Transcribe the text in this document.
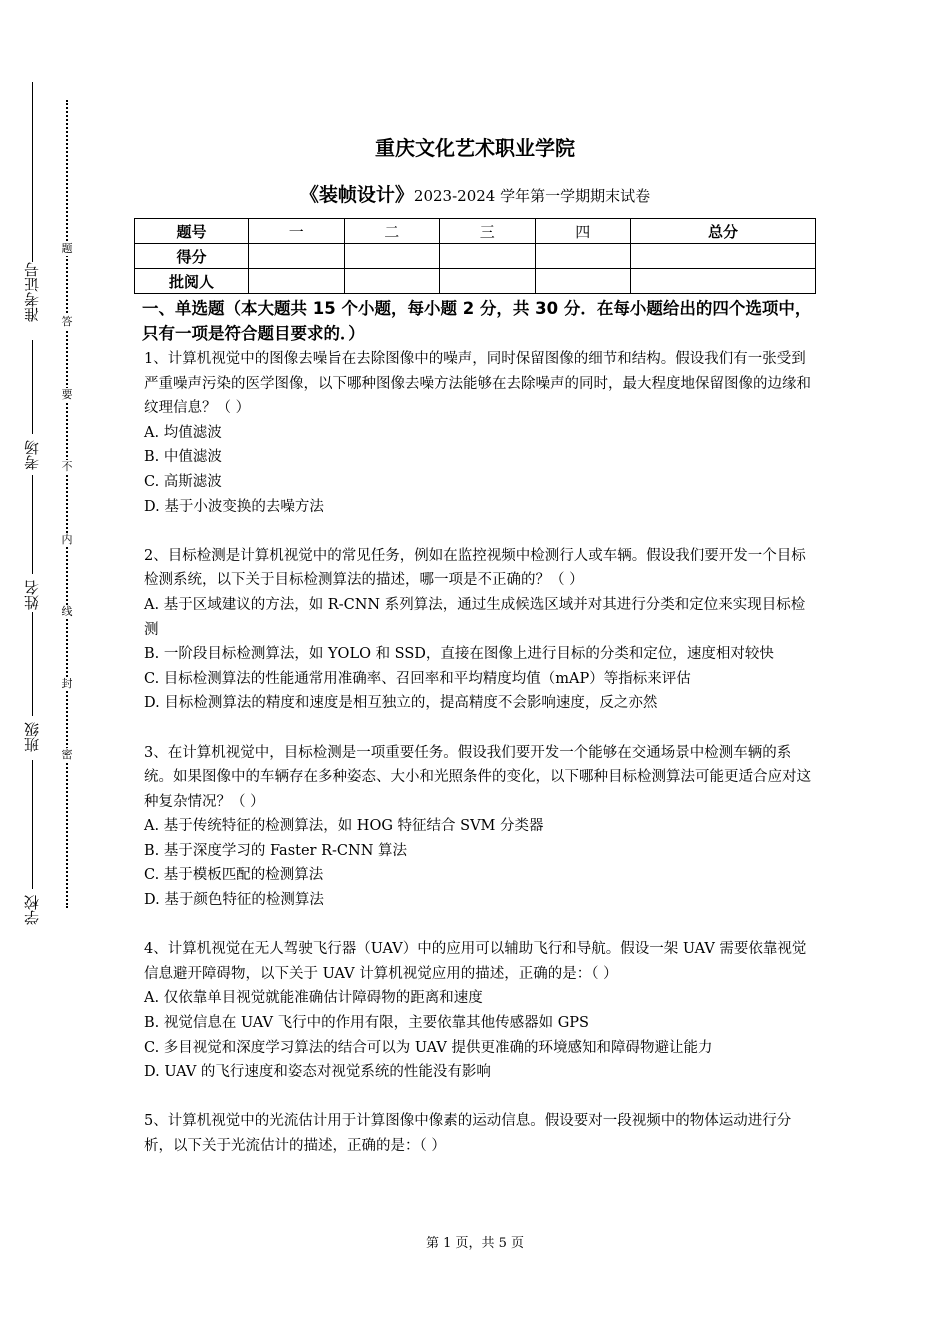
准考证号
考场
姓名
班级
学校
题
答
要
不
内
线
封
密
重庆文化艺术职业学院
《装帧设计》2023-2024 学年第一学期期末试卷
题号	一	二	三	四	总分
得分					
批阅人					
一、单选题（本大题共 15 个小题，每小题 2 分，共 30 分．在每小题给出的四个选项中，只有一项是符合题目要求的．）

1、计算机视觉中的图像去噪旨在去除图像中的噪声，同时保留图像的细节和结构。假设我们有一张受到严重噪声污染的医学图像，以下哪种图像去噪方法能够在去除噪声的同时，最大程度地保留图像的边缘和纹理信息？（ ）

A. 均值滤波

B. 中值滤波

C. 高斯滤波

D. 基于小波变换的去噪方法

2、目标检测是计算机视觉中的常见任务，例如在监控视频中检测行人或车辆。假设我们要开发一个目标检测系统，以下关于目标检测算法的描述，哪一项是不正确的？（ ）

A. 基于区域建议的方法，如 R-CNN 系列算法，通过生成候选区域并对其进行分类和定位来实现目标检测

B. 一阶段目标检测算法，如 YOLO 和 SSD，直接在图像上进行目标的分类和定位，速度相对较快

C. 目标检测算法的性能通常用准确率、召回率和平均精度均值（mAP）等指标来评估

D. 目标检测算法的精度和速度是相互独立的，提高精度不会影响速度，反之亦然

3、在计算机视觉中，目标检测是一项重要任务。假设我们要开发一个能够在交通场景中检测车辆的系统。如果图像中的车辆存在多种姿态、大小和光照条件的变化，以下哪种目标检测算法可能更适合应对这种复杂情况？（ ）

A. 基于传统特征的检测算法，如 HOG 特征结合 SVM 分类器

B. 基于深度学习的 Faster R-CNN 算法

C. 基于模板匹配的检测算法

D. 基于颜色特征的检测算法

4、计算机视觉在无人驾驶飞行器（UAV）中的应用可以辅助飞行和导航。假设一架 UAV 需要依靠视觉信息避开障碍物，以下关于 UAV 计算机视觉应用的描述，正确的是：（ ）

A. 仅依靠单目视觉就能准确估计障碍物的距离和速度

B. 视觉信息在 UAV 飞行中的作用有限，主要依靠其他传感器如 GPS

C. 多目视觉和深度学习算法的结合可以为 UAV 提供更准确的环境感知和障碍物避让能力

D. UAV 的飞行速度和姿态对视觉系统的性能没有影响

5、计算机视觉中的光流估计用于计算图像中像素的运动信息。假设要对一段视频中的物体运动进行分析，以下关于光流估计的描述，正确的是：（ ）

第 1 页，共 5 页
